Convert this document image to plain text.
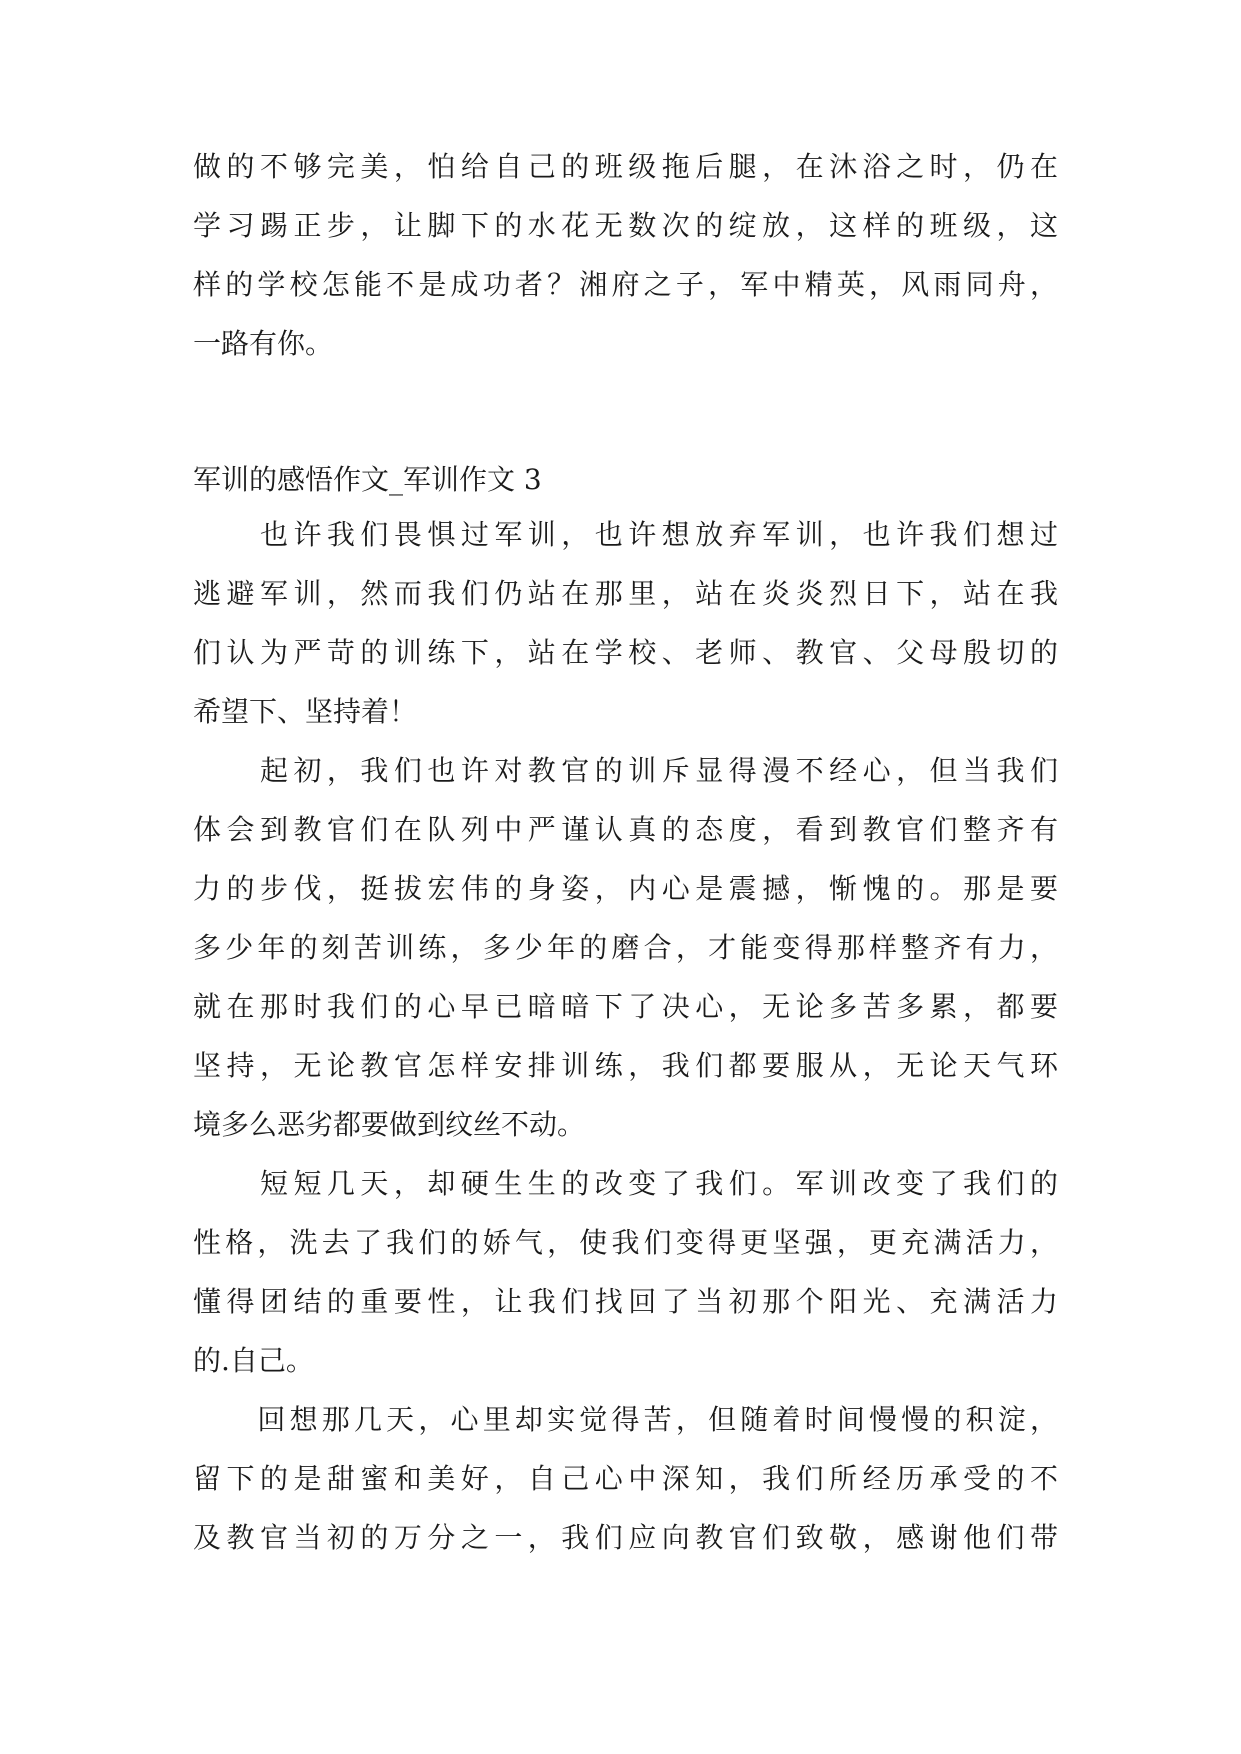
做的不够完美，怕给自己的班级拖后腿，在沐浴之时，仍在
学习踢正步，让脚下的水花无数次的绽放，这样的班级，这
样的学校怎能不是成功者？湘府之子，军中精英，风雨同舟，
一路有你。
军训的感悟作文_军训作文 3
　　也许我们畏惧过军训，也许想放弃军训，也许我们想过
逃避军训，然而我们仍站在那里，站在炎炎烈日下，站在我
们认为严苛的训练下，站在学校、老师、教官、父母殷切的
希望下、坚持着！
　　起初，我们也许对教官的训斥显得漫不经心，但当我们
体会到教官们在队列中严谨认真的态度，看到教官们整齐有
力的步伐，挺拔宏伟的身姿，内心是震撼，惭愧的。那是要
多少年的刻苦训练，多少年的磨合，才能变得那样整齐有力，
就在那时我们的心早已暗暗下了决心，无论多苦多累，都要
坚持，无论教官怎样安排训练，我们都要服从，无论天气环
境多么恶劣都要做到纹丝不动。
　　短短几天，却硬生生的改变了我们。军训改变了我们的
性格，洗去了我们的娇气，使我们变得更坚强，更充满活力，
懂得团结的重要性，让我们找回了当初那个阳光、充满活力
的.自己。
　　回想那几天，心里却实觉得苦，但随着时间慢慢的积淀，
留下的是甜蜜和美好，自己心中深知，我们所经历承受的不
及教官当初的万分之一，我们应向教官们致敬，感谢他们带
